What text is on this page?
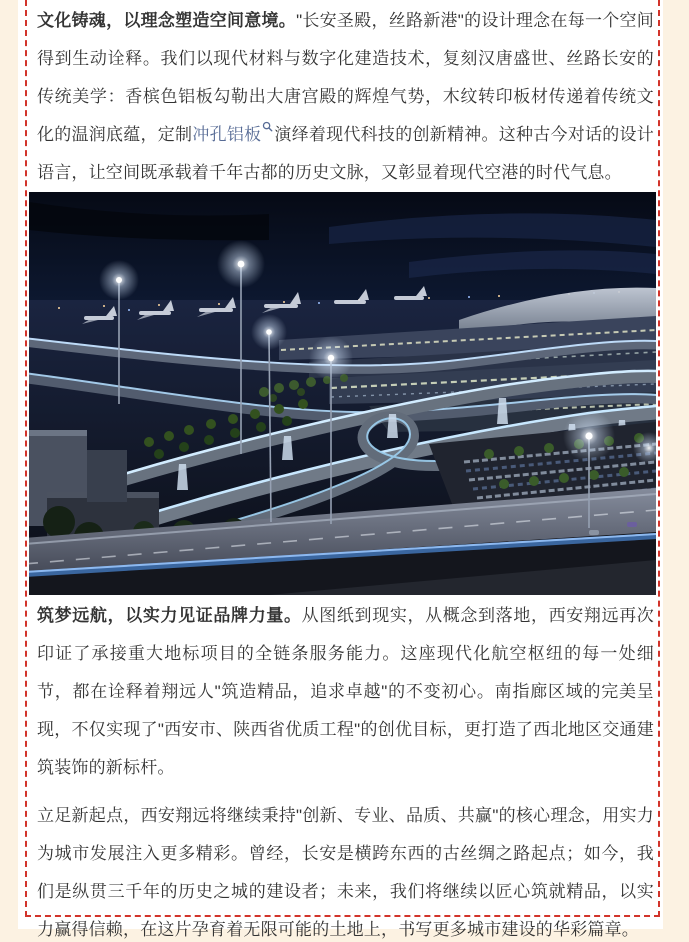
文化铸魂，以理念塑造空间意境。"长安圣殿，丝路新港"的设计理念在每一个空间得到生动诠释。我们以现代材料与数字化建造技术，复刻汉唐盛世、丝路长安的传统美学：香槟色铝板勾勒出大唐宫殿的辉煌气势，木纹转印板材传递着传统文化的温润底蕴，定制冲孔铝板 演绎着现代科技的创新精神。这种古今对话的设计语言，让空间既承载着千年古都的历史文脉，又彰显着现代空港的时代气息。

筑梦远航，以实力见证品牌力量。从图纸到现实，从概念到落地，西安翔远再次印证了承接重大地标项目的全链条服务能力。这座现代化航空枢纽的每一处细节，都在诠释着翔远人"筑造精品，追求卓越"的不变初心。南指廊区域的完美呈现，不仅实现了"西安市、陕西省优质工程"的创优目标，更打造了西北地区交通建筑装饰的新标杆。

立足新起点，西安翔远将继续秉持"创新、专业、品质、共赢"的核心理念，用实力为城市发展注入更多精彩。曾经，长安是横跨东西的古丝绸之路起点；如今，我们是纵贯三千年的历史之城的建设者；未来，我们将继续以匠心筑就精品，以实力赢得信赖，在这片孕育着无限可能的土地上，书写更多城市建设的华彩篇章。
